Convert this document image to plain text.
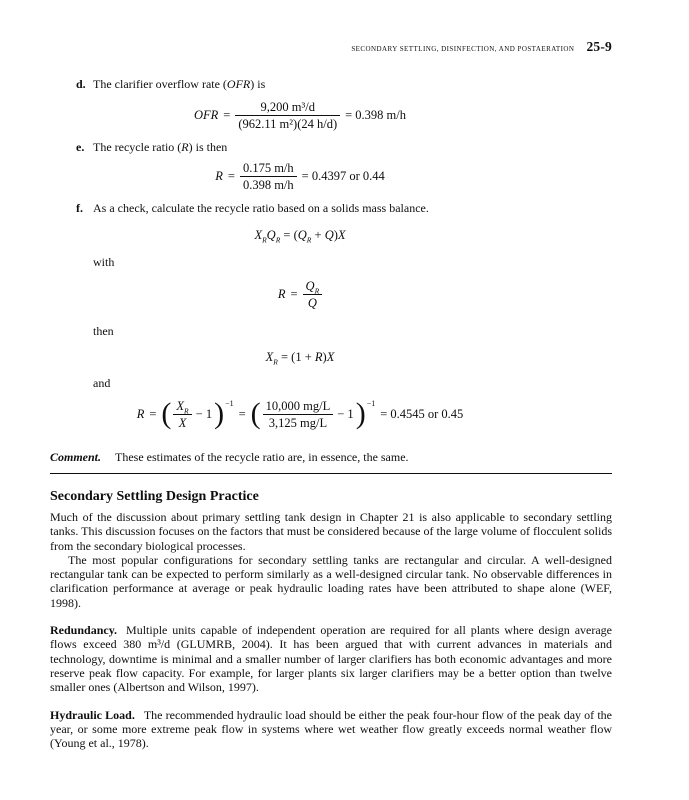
SECONDARY SETTLING, DISINFECTION, AND POSTAERATION 25-9
d. The clarifier overflow rate (OFR) is
OFR = $\frac{\text{9,200 m³/d}}{\text{(962.11 m²)(24 h/d)}} = 0.398$ m/h
e. The recycle ratio (R) is then
$R = \frac{0.175 m/h}{0.398 m/h} = 0.4397$ or 0.44
f. As a check, calculate the recycle ratio based on a solids mass balance.
$X_RQ_R = (Q_R + Q)X$
with
$R = \frac{Q_R}{Q}$
then
$X_R = (1 + R)X$
and
R = ( $\frac{X_R}{X} - 1$ ) −1
= ( $\frac{10,000 mg/L}{3,125 mg/L} - 1$ ) −1
= 0.4545 or 0.45
Comment. These estimates of the recycle ratio are, in essence, the same.
Secondary Settling Design Practice

Much of the discussion about primary settling tank design in Chapter 21 is also applicable to secondary settling tanks. This discussion focuses on the factors that must be considered because of the large volume of flocculent solids from the secondary biological processes.

The most popular configurations for secondary settling tanks are rectangular and circular. A well-designed rectangular tank can be expected to perform similarly as a well-designed circular tank. No observable differences in clarification performance at average or peak hydraulic loading rates have been attributed to shape alone (WEF, 1998).

Redundancy. Multiple units capable of independent operation are required for all plants where design average flows exceed 380 m³/d (GLUMRB, 2004). It has been argued that with current advances in materials and technology, downtime is minimal and a smaller number of larger clarifiers has both economic advantages and more reserve peak flow capacity. For example, for larger plants six larger clarifiers may be a better option than twelve smaller ones (Albertson and Wilson, 1997).

Hydraulic Load. The recommended hydraulic load should be either the peak four-hour flow of the peak day of the year, or some more extreme peak flow in systems where wet weather flow greatly exceeds normal weather flow (Young et al., 1978).
